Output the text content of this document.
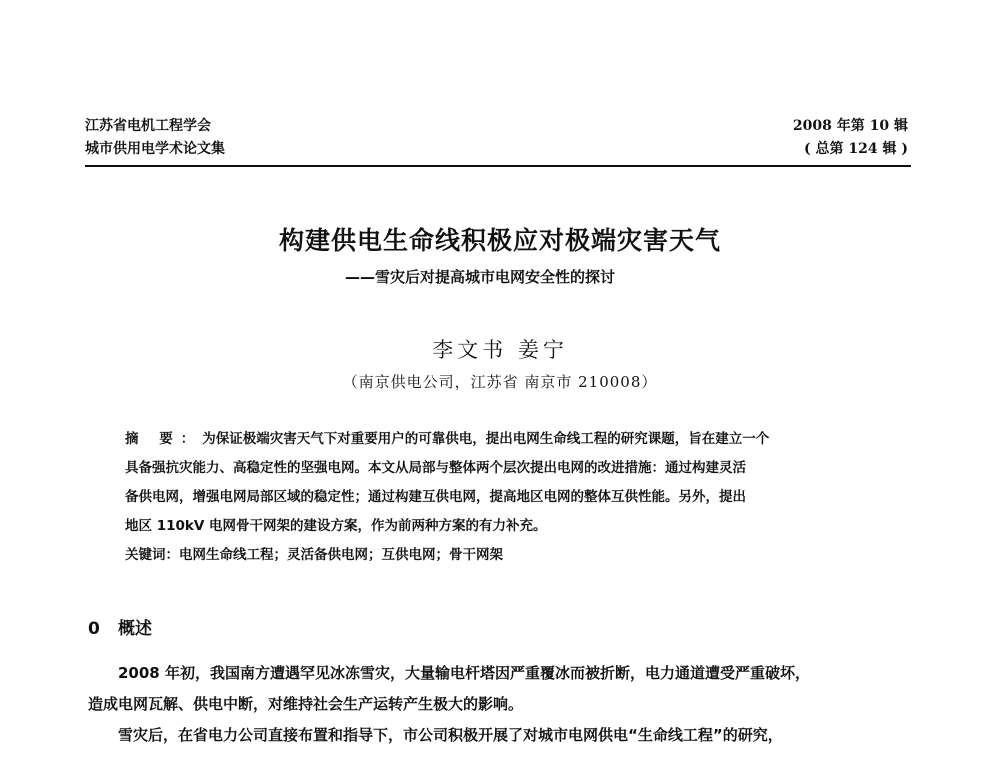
江苏省电机工程学会
城市供用电学术论文集
2008 年第 10 辑
( 总第 124 辑 )
构建供电生命线积极应对极端灾害天气
——雪灾后对提高城市电网安全性的探讨
李文书 姜宁
（南京供电公司，江苏省 南京市 210008）
摘 要：为保证极端灾害天气下对重要用户的可靠供电，提出电网生命线工程的研究课题，旨在建立一个
具备强抗灾能力、高稳定性的坚强电网。本文从局部与整体两个层次提出电网的改进措施：通过构建灵活
备供电网，增强电网局部区域的稳定性；通过构建互供电网，提高地区电网的整体互供性能。另外，提出
地区 110kV 电网骨干网架的建设方案，作为前两种方案的有力补充。
关键词：电网生命线工程；灵活备供电网；互供电网；骨干网架
0 概述
2008 年初，我国南方遭遇罕见冰冻雪灾，大量输电杆塔因严重覆冰而被折断，电力通道遭受严重破坏，
造成电网瓦解、供电中断，对维持社会生产运转产生极大的影响。
雪灾后，在省电力公司直接布置和指导下，市公司积极开展了对城市电网供电“生命线工程”的研究，
